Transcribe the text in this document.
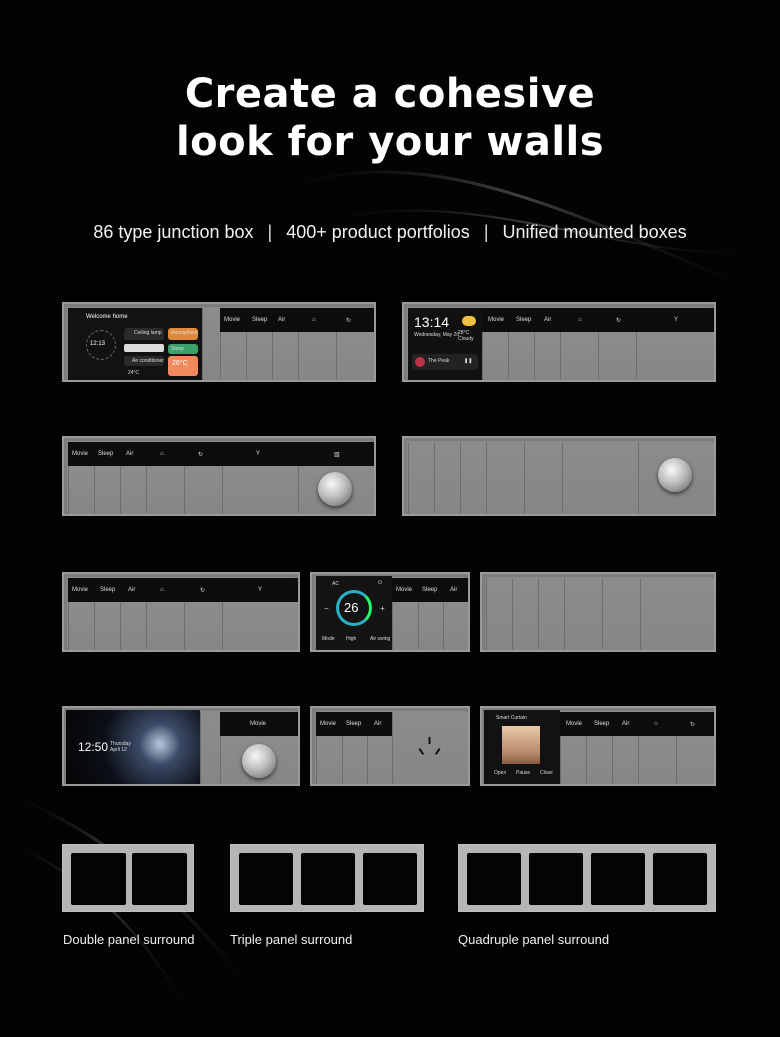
Create a cohesive
look for your walls
86 type junction box | 400+ product portfolios | Unified mounted boxes
Welcome home
12:13
Ceiling lamp Atmosphere
Sleep
Air conditioner 26°C
24°C
Movie Sleep Air	⌂	↻	13:14
Wednesday, May 20
28°C Cloudy
The Peak	❚❚
Movie Sleep Air	⌂	↻	Y
Movie Sleep Air	⌂	↻	Y	▥
Movie Sleep Air	⌂	↻	Y
AC	⏻
26
−	+
Mode High	Air swing
Movie Sleep Air
12:50 Thursday
April 12
Movie	Movie Sleep Air
Smart Curtain
Open Pause Close
Movie Sleep Air	⌂	↻
Double panel surround	Triple panel surround	Quadruple panel surround
